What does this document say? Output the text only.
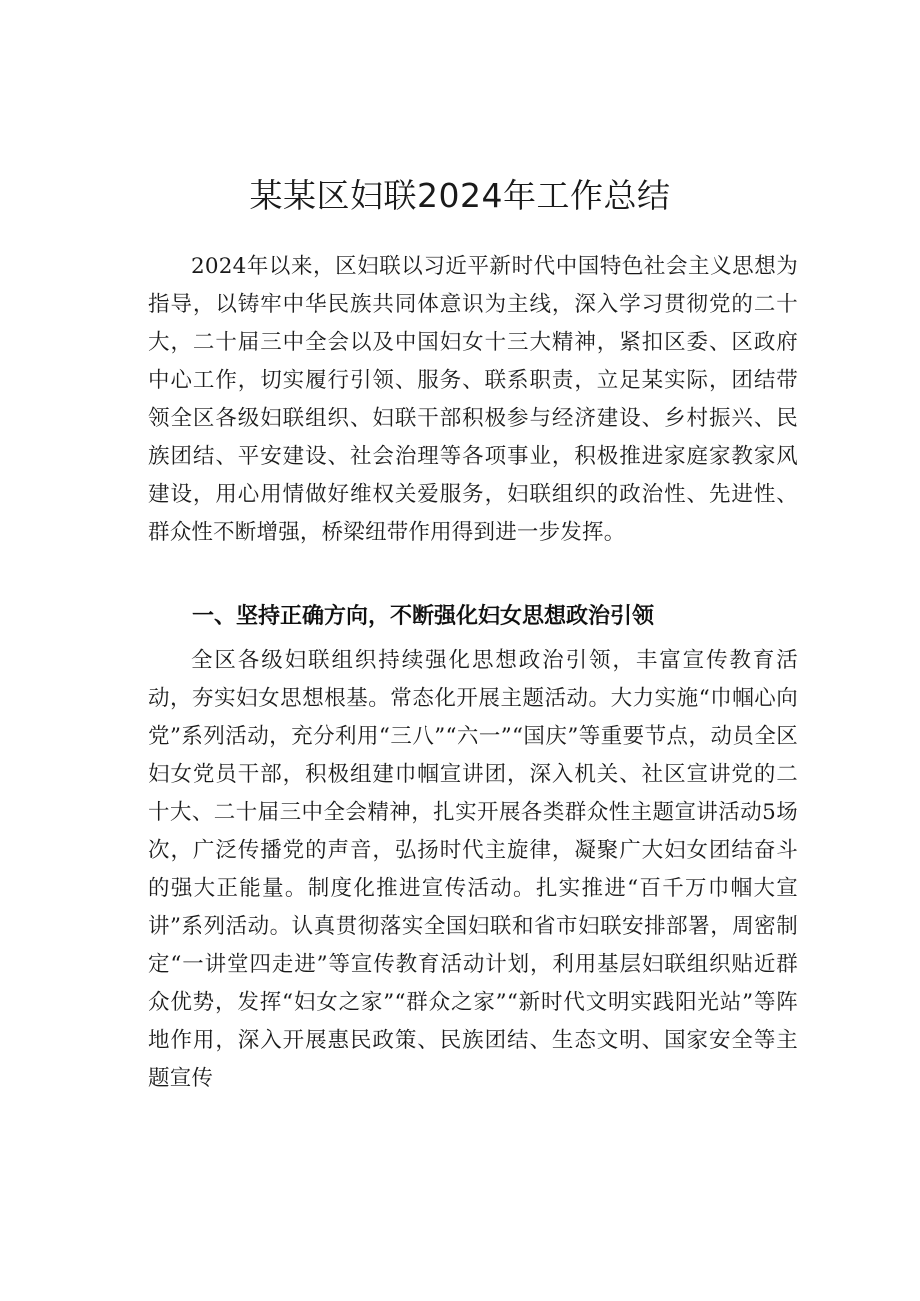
某某区妇联2024年工作总结

2024年以来，区妇联以习近平新时代中国特色社会主义思想为指导，以铸牢中华民族共同体意识为主线，深入学习贯彻党的二十大，二十届三中全会以及中国妇女十三大精神，紧扣区委、区政府中心工作，切实履行引领、服务、联系职责，立足某实际，团结带领全区各级妇联组织、妇联干部积极参与经济建设、乡村振兴、民族团结、平安建设、社会治理等各项事业，积极推进家庭家教家风建设，用心用情做好维权关爱服务，妇联组织的政治性、先进性、群众性不断增强，桥梁纽带作用得到进一步发挥。

一、坚持正确方向，不断强化妇女思想政治引领

全区各级妇联组织持续强化思想政治引领，丰富宣传教育活动，夯实妇女思想根基。常态化开展主题活动。大力实施“巾帼心向党”系列活动，充分利用“三八”“六一”“国庆”等重要节点，动员全区妇女党员干部，积极组建巾帼宣讲团，深入机关、社区宣讲党的二十大、二十届三中全会精神，扎实开展各类群众性主题宣讲活动5场次，广泛传播党的声音，弘扬时代主旋律，凝聚广大妇女团结奋斗的强大正能量。制度化推进宣传活动。扎实推进“百千万巾帼大宣讲”系列活动。认真贯彻落实全国妇联和省市妇联安排部署，周密制定“一讲堂四走进”等宣传教育活动计划，利用基层妇联组织贴近群众优势，发挥“妇女之家”“群众之家”“新时代文明实践阳光站”等阵地作用，深入开展惠民政策、民族团结、生态文明、国家安全等主题宣传
